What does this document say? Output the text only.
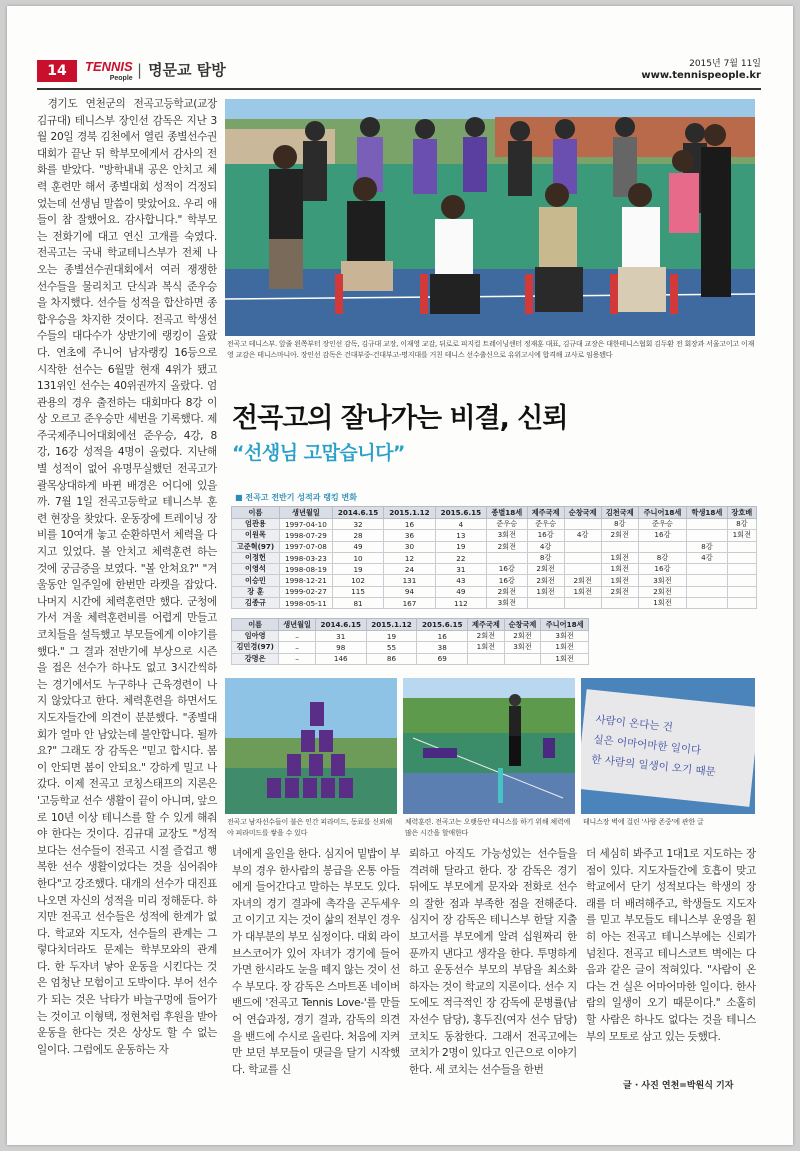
14	TENNIS
People	| 명문교 탐방	2015년 7월 11일
www.tennispeople.kr
전곡고 테니스부. 앞줄 왼쪽부터 장인선 감독, 김규대 교장, 이재영 교감, 뒤로로 피지컬 트레이닝센터 정재훈 대표, 김규대 교장은 대한테니스협회 김두환 전 회장과 서울고이고 이재영 교감은 테니스마니아. 장인선 감독은 건대부중-건대부고-명지대를 거친 테니스 선수출신으로 유위고시에 합격해 교사로 임용됐다
전곡고의 잘나가는 비결, 신뢰
“선생님 고맙습니다”
■ 전곡고 전반기 성적과 랭킹 변화
이름	생년월일	2014.6.15	2015.1.12	2015.6.15	종별18세	제주국제	순창국제	김천국제	주니어18세	학생18세	장호배
엄관용	1997-04-10	32	16	4	준우승	준우승		8강	준우승		8강
이원목	1998-07-29	28	36	13	3회전	16강	4강	2회전	16강		1회전
고준혁(97)	1997-07-08	49	30	19	2회전	4강				8강	
이정헌	1998-03-23	10	12	22		8강		1회전	8강	4강	
이영석	1998-08-19	19	24	31	16강	2회전		1회전	16강		
이승민	1998-12-21	102	131	43	16강	2회전	2회전	1회전	3회전		
장 훈	1999-02-27	115	94	49	2회전	1회전	1회전	2회전	2회전		
김종규	1998-05-11	81	167	112	3회전				1회전		
이름	생년월일	2014.6.15	2015.1.12	2015.6.15	제주국제	순창국제	주니어18세
임아영	–	31	19	16	2회전	2회전	3회전
김민경(97)	–	98	55	38	1회전	3회전	1회전
강명은	–	146	86	69			1회전
사람이 온다는 건
실은 어마어마한 일이다
한 사람의 일생이 오기 때문
전곡고 남자선수들이 불은 인간 피라미드, 동료를 신뢰해야 피라미드를 쌓을 수 있다
체력훈련. 전곡고는 오랫동안 테니스를 하기 위해 체력에 많은 시간을 할애한다
테니스장 벽에 걸린 '사람 존중'에 관한 글

경기도 연천군의 전곡고등학교(교장 김규대) 테니스부 장인선 감독은 지난 3월 20일 경북 김천에서 열린 종별선수권대회가 끝난 뒤 학부모에게서 감사의 전화를 받았다. "방학내내 공은 안치고 체력 훈련만 해서 종별대회 성적이 걱정되었는데 선생님 말씀이 맞았어요. 우리 애들이 참 잘했어요. 감사합니다." 학부모는 전화기에 대고 연신 고개를 숙였다. 전곡고는 국내 학교테니스부가 전체 나오는 종별선수권대회에서 여러 쟁쟁한 선수들을 물리치고 단식과 복식 준우승을 차지했다. 선수들 성적을 합산하면 종합우승을 차지한 것이다. 전곡고 학생선수들의 대다수가 상반기에 랭킹이 올랐다. 연초에 주니어 남자랭킹 16등으로 시작한 선수는 6월말 현재 4위가 됐고 131위인 선수는 40위권까지 올랐다. 엄관용의 경우 출전하는 대회마다 8강 이상 오르고 준우승만 세번을 기록했다. 제주국제주니어대회에선 준우승, 4강, 8강, 16강 성적을 4명이 올렸다. 지난해 별 성적이 없어 유명무실했던 전곡고가 괄목상대하게 바뀐 배경은 어디에 있을까. 7월 1일 전곡고등학교 테니스부 훈련 현장을 찾았다. 운동장에 트레이닝 장비를 10여개 놓고 순환하면서 체력을 다지고 있었다. 볼 안치고 체력훈련 하는 것에 궁금증을 보였다. "볼 안쳐요?" "겨울동안 일주일에 한번만 라켓을 잡았다. 나머지 시간에 체력훈련만 했다. 군청에 가서 겨울 체력훈련비를 어렵게 만들고 코치들을 설득했고 부모들에게 이야기를 했다." 그 결과 전반기에 부상으로 시즌을 접은 선수가 하나도 없고 3시간씩하는 경기에서도 누구하나 근육경련이 나지 않았다고 한다. 체력훈련을 하면서도 지도자들간에 의견이 분분했다. "종별대회가 얼마 안 남았는데 불안합니다. 될까요?" 그래도 장 감독은 "믿고 합시다. 봄이 안되면 봄이 안되요." 강하게 밀고 나갔다. 이제 전곡고 코칭스태프의 지론은 '고등학교 선수 생활이 끝이 아니며, 앞으로 10년 이상 테니스를 할 수 있게 해줘야 한다는 것이다. 김규대 교장도 "성적보다는 선수들이 전곡고 시절 즐겁고 행복한 선수 생활이었다는 것을 심어줘야 한다"고 강조했다. 대개의 선수가 대진표 나오면 자신의 성적을 미리 정해둔다. 하지만 전곡고 선수들은 성적에 한계가 없다. 학교와 지도자, 선수들의 관계는 그렇다치더라도 문제는 학부모와의 관계다. 한 두자녀 낳아 운동을 시킨다는 것은 엄청난 모험이고 도박이다. 부어 선수가 되는 것은 낙타가 바늘구멍에 들어가는 것이고 이형택, 정현처럼 후원을 받아 운동을 한다는 것은 상상도 할 수 없는 일이다. 그럼에도 운동하는 자

녀에게 올인을 한다. 심지어 밑밥이 부부의 경우 한사람의 봉급을 온통 아들에게 들어간다고 말하는 부모도 있다. 자녀의 경기 결과에 촉각을 곤두세우고 이기고 지는 것이 삶의 전부인 경우가 대부분의 부모 심정이다. 대회 라이브스코어가 있어 자녀가 경기에 들어가면 한시라도 눈을 떼지 않는 것이 선수 부모다. 장 감독은 스마트폰 네이버밴드에 '전곡고 Tennis Love-'를 만들어 연습과정, 경기 결과, 감독의 의견을 밴드에 수시로 올린다. 처음에 지켜만 보던 부모들이 댓글을 달기 시작했다. 학교를 신

뢰하고 아직도 가능성있는 선수들을 격려해 달라고 한다. 장 감독은 경기 뒤에도 부모에게 문자와 전화로 선수의 잘한 점과 부족한 점을 전해준다. 심지어 장 감독은 테니스부 한달 지출보고서를 부모에게 알려 십원짜리 한푼까지 낸다고 생각을 한다. 투명하게 하고 운동선수 부모의 부담을 최소화하자는 것이 학교의 지론이다. 선수 지도에도 적극적인 장 감독에 문병률(남자선수 담당), 홍두진(여자 선수 담당) 코치도 동참한다. 그래서 전곡고에는 코치가 2명이 있다고 인근으로 이야기한다. 세 코치는 선수들을 한번

더 세심히 봐주고 1대1로 지도하는 장점이 있다. 지도자들간에 호흡이 맞고 학교에서 단기 성적보다는 학생의 장래를 더 배려해주고, 학생들도 지도자를 믿고 부모들도 테니스부 운영을 훤히 아는 전곡고 테니스부에는 신뢰가 넘친다. 전곡고 테니스코트 벽에는 다음과 같은 글이 적혀있다. "사람이 온다는 건 실은 어마어마한 일이다. 한사람의 일생이 오기 때문이다." 소홀히 할 사람은 하나도 없다는 것을 테니스부의 모토로 삼고 있는 듯했다.

글 · 사진 연천=박원식 기자
